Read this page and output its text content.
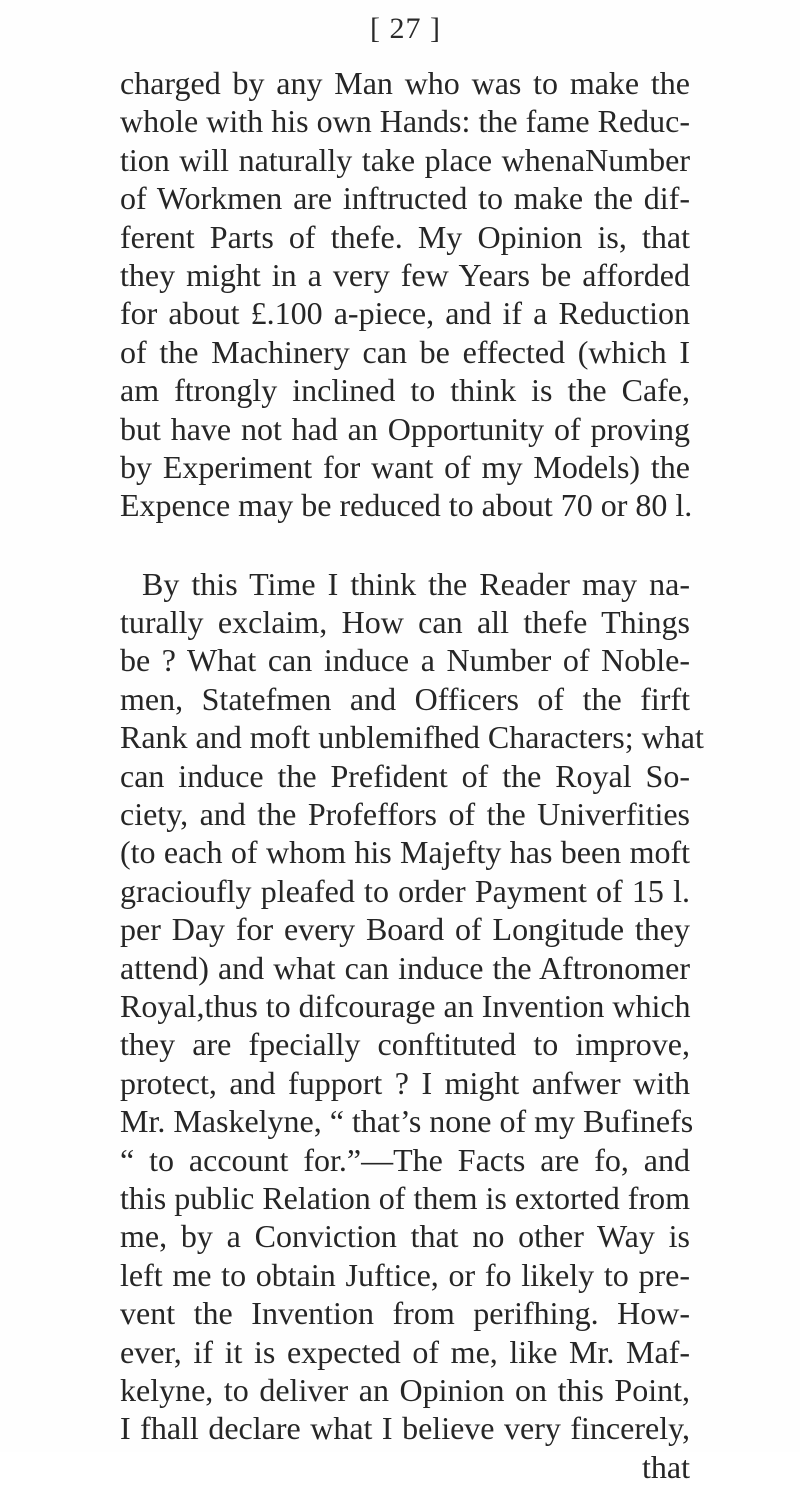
[ 27 ]
charged by any Man who was to make the
whole with his own Hands: the fame Reduc-
tion will naturally take place whenaNumber
of Workmen are inftructed to make the dif-
ferent Parts of thefe. My Opinion is, that
they might in a very few Years be afforded
for about £.100 a-piece, and if a Reduction
of the Machinery can be effected (which I
am ftrongly inclined to think is the Cafe,
but have not had an Opportunity of proving
by Experiment for want of my Models) the
Expence may be reduced to about 70 or 80 l.
By this Time I think the Reader may na-
turally exclaim, How can all thefe Things
be ? What can induce a Number of Noble-
men, Statefmen and Officers of the firft
Rank and moft unblemifhed Characters; what
can induce the Prefident of the Royal So-
ciety, and the Profeffors of the Univerfities
(to each of whom his Majefty has been moft
gracioufly pleafed to order Payment of 15 l.
per Day for every Board of Longitude they
attend) and what can induce the Aftronomer
Royal,thus to difcourage an Invention which
they are fpecially conftituted to improve,
protect, and fupport ? I might anfwer with
Mr. Maskelyne, “ that’s none of my Bufinefs
“ to account for.”—The Facts are fo, and
this public Relation of them is extorted from
me, by a Conviction that no other Way is
left me to obtain Juftice, or fo likely to pre-
vent the Invention from perifhing. How-
ever, if it is expected of me, like Mr. Maf-
kelyne, to deliver an Opinion on this Point,
I fhall declare what I believe very fincerely,
that
